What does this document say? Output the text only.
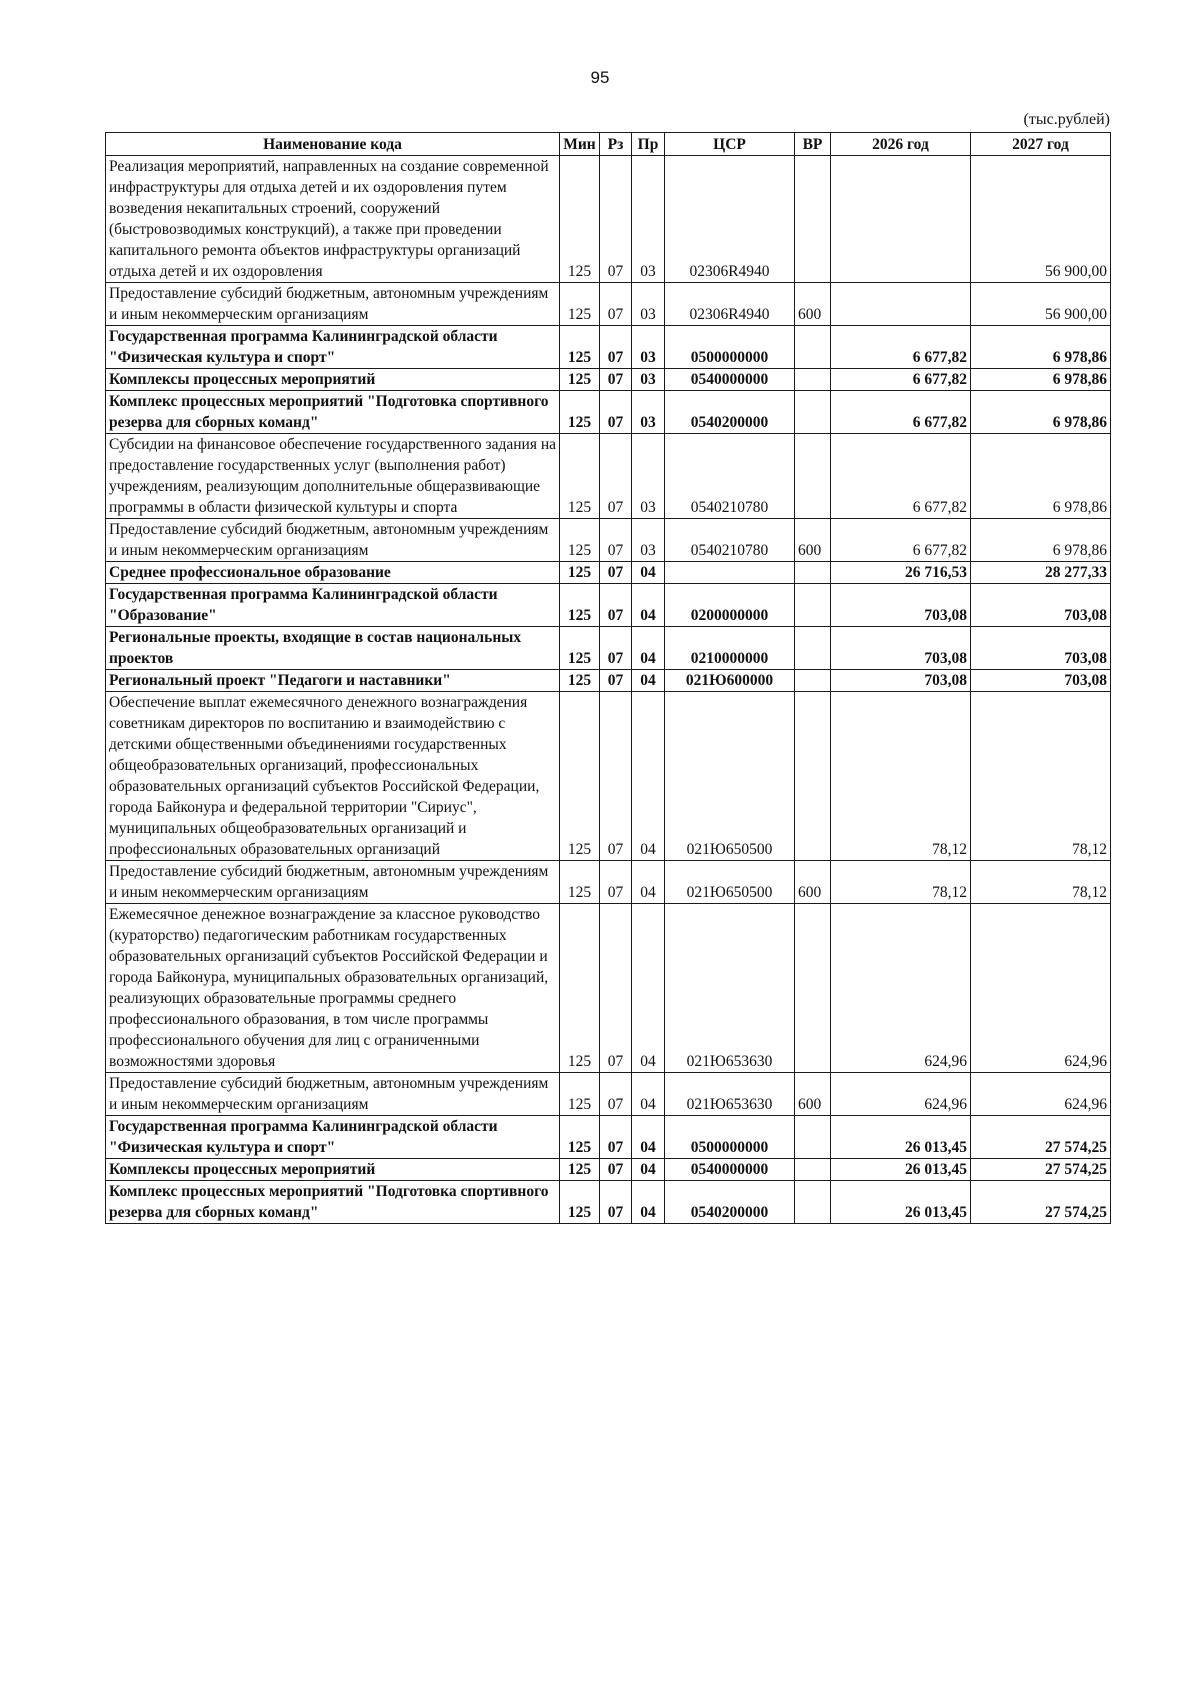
95
(тыс.рублей)
Наименование кода	Мин	Рз	Пр	ЦСР	ВР	2026 год	2027 год
Реализация мероприятий, направленных на создание современной инфраструктуры для отдыха детей и их оздоровления путем возведения некапитальных строений, сооружений (быстровозводимых конструкций), а также при проведении капитального ремонта объектов инфраструктуры организаций отдыха детей и их оздоровления	125	07	03	02306R4940			56 900,00
Предоставление субсидий бюджетным, автономным учреждениям и иным некоммерческим организациям	125	07	03	02306R4940	600		56 900,00
Государственная программа Калининградской области "Физическая культура и спорт"	125	07	03	0500000000		6 677,82	6 978,86
Комплексы процессных мероприятий	125	07	03	0540000000		6 677,82	6 978,86
Комплекс процессных мероприятий "Подготовка спортивного резерва для сборных команд"	125	07	03	0540200000		6 677,82	6 978,86
Субсидии на финансовое обеспечение государственного задания на предоставление государственных услуг (выполнения работ) учреждениям, реализующим дополнительные общеразвивающие программы в области физической культуры и спорта	125	07	03	0540210780		6 677,82	6 978,86
Предоставление субсидий бюджетным, автономным учреждениям и иным некоммерческим организациям	125	07	03	0540210780	600	6 677,82	6 978,86
Среднее профессиональное образование	125	07	04			26 716,53	28 277,33
Государственная программа Калининградской области "Образование"	125	07	04	0200000000		703,08	703,08
Региональные проекты, входящие в состав национальных проектов	125	07	04	0210000000		703,08	703,08
Региональный проект "Педагоги и наставники"	125	07	04	021Ю600000		703,08	703,08
Обеспечение выплат ежемесячного денежного вознаграждения советникам директоров по воспитанию и взаимодействию с детскими общественными объединениями государственных общеобразовательных организаций, профессиональных образовательных организаций субъектов Российской Федерации, города Байконура и федеральной территории "Сириус", муниципальных общеобразовательных организаций и профессиональных образовательных организаций	125	07	04	021Ю650500		78,12	78,12
Предоставление субсидий бюджетным, автономным учреждениям и иным некоммерческим организациям	125	07	04	021Ю650500	600	78,12	78,12
Ежемесячное денежное вознаграждение за классное руководство (кураторство) педагогическим работникам государственных образовательных организаций субъектов Российской Федерации и города Байконура, муниципальных образовательных организаций, реализующих образовательные программы среднего профессионального образования, в том числе программы профессионального обучения для лиц с ограниченными возможностями здоровья	125	07	04	021Ю653630		624,96	624,96
Предоставление субсидий бюджетным, автономным учреждениям и иным некоммерческим организациям	125	07	04	021Ю653630	600	624,96	624,96
Государственная программа Калининградской области "Физическая культура и спорт"	125	07	04	0500000000		26 013,45	27 574,25
Комплексы процессных мероприятий	125	07	04	0540000000		26 013,45	27 574,25
Комплекс процессных мероприятий "Подготовка спортивного резерва для сборных команд"	125	07	04	0540200000		26 013,45	27 574,25
